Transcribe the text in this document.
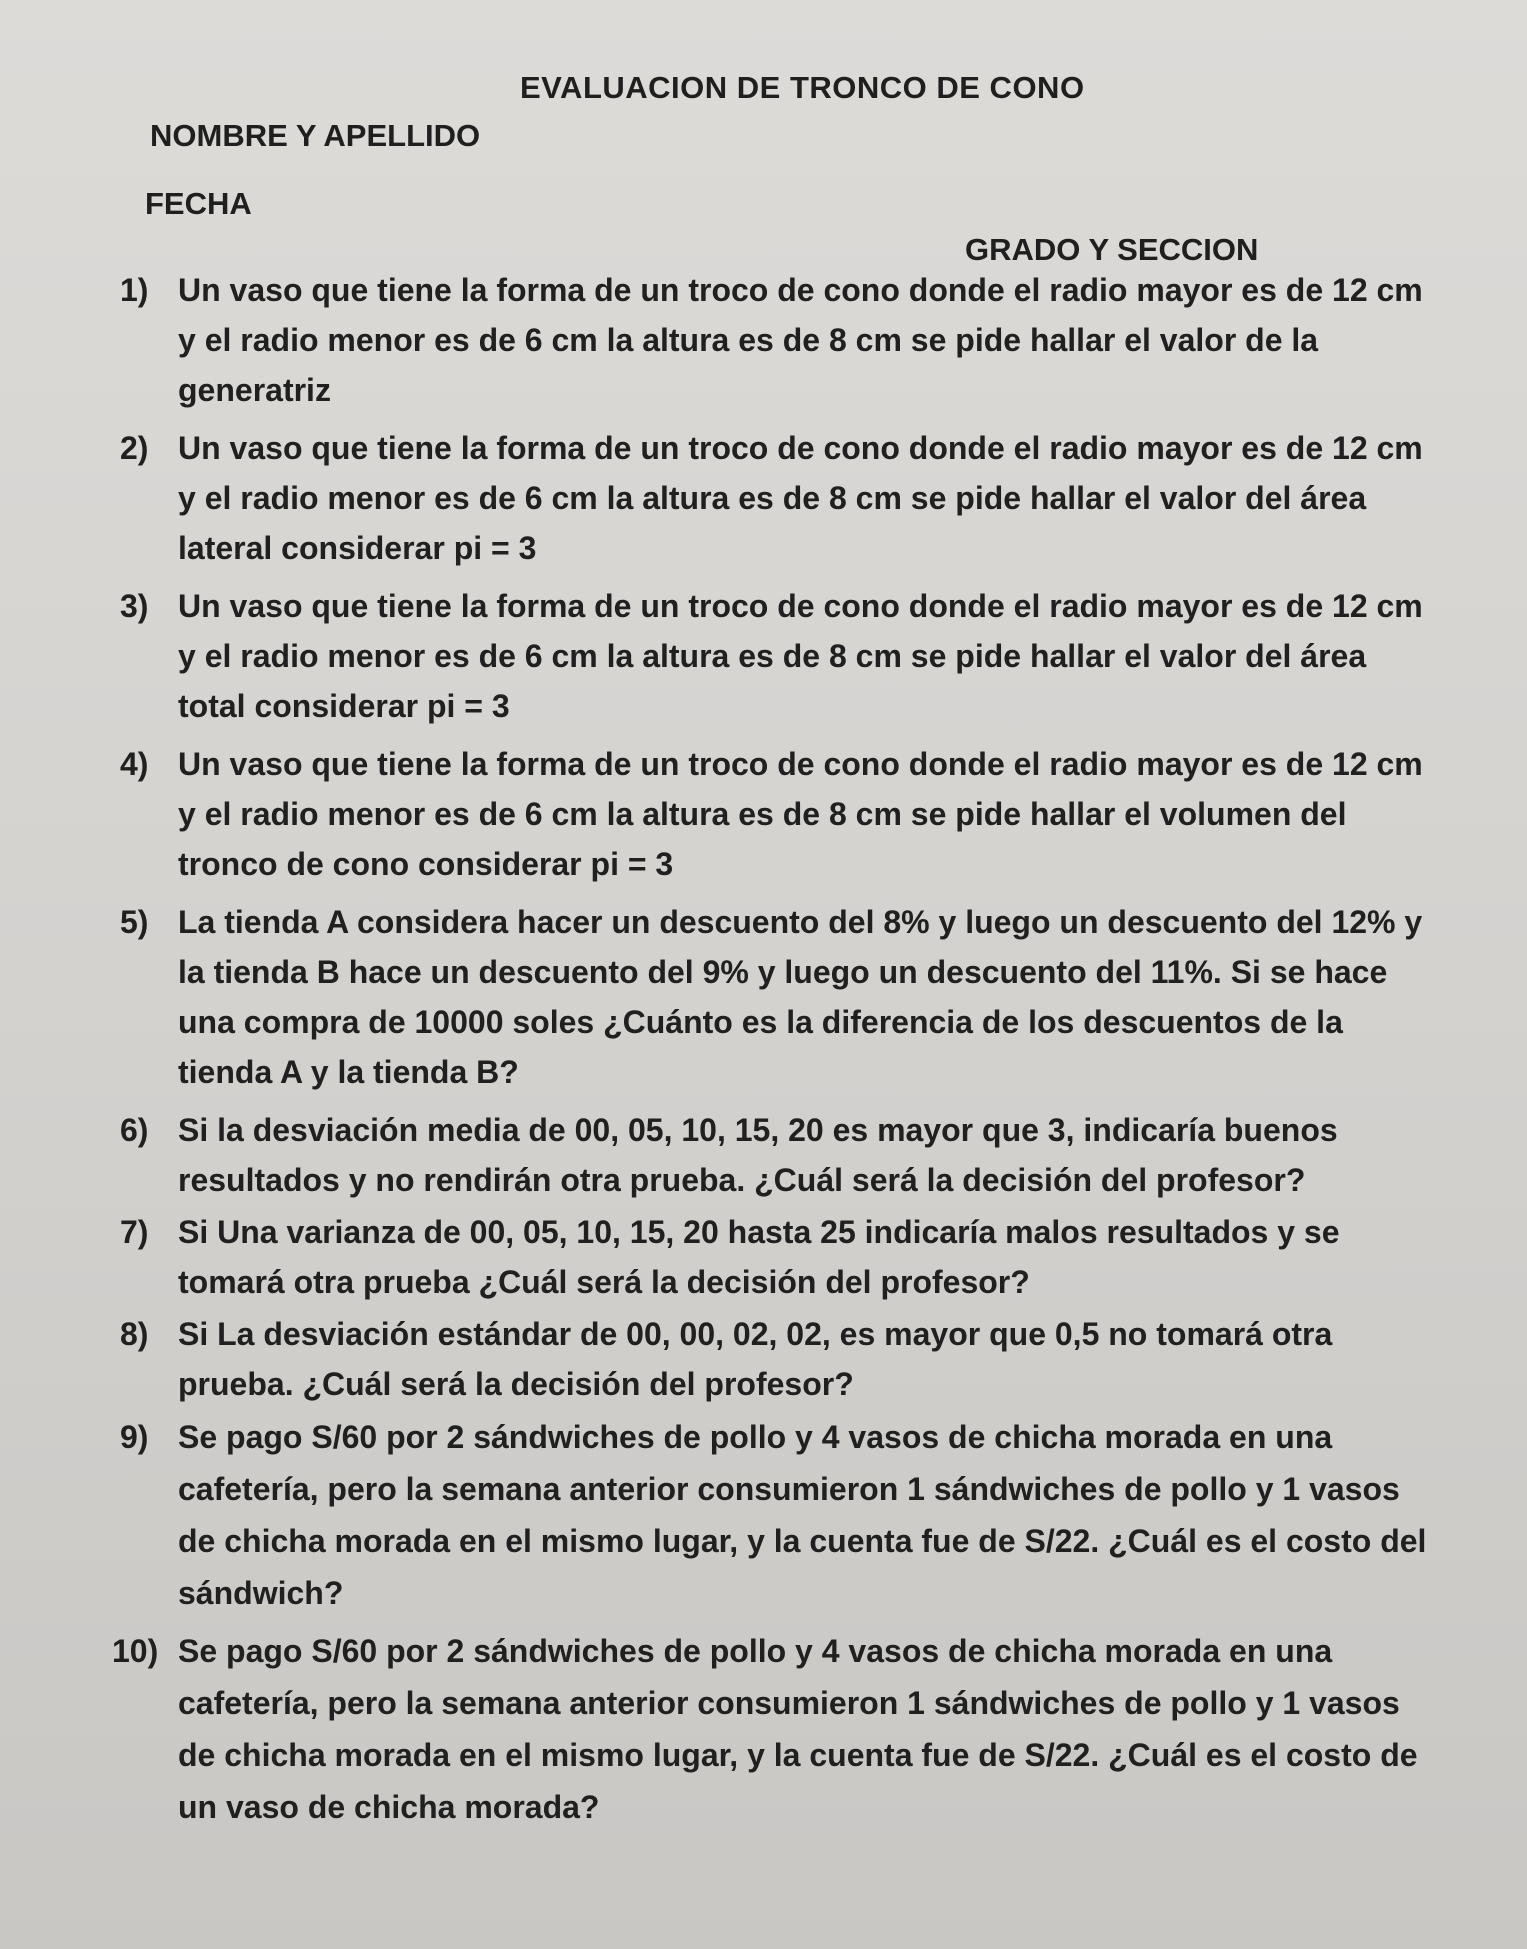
EVALUACION DE TRONCO DE CONO
NOMBRE Y APELLIDO
FECHA
GRADO Y SECCION
1) Un vaso que tiene la forma de un troco de cono donde el radio mayor es de 12 cm y el radio menor es de 6 cm la altura es de 8 cm se pide hallar el valor de la generatriz
2) Un vaso que tiene la forma de un troco de cono donde el radio mayor es de 12 cm y el radio menor es de 6 cm la altura es de 8 cm se pide hallar el valor del área lateral considerar pi = 3
3) Un vaso que tiene la forma de un troco de cono donde el radio mayor es de 12 cm y el radio menor es de 6 cm la altura es de 8 cm se pide hallar el valor del área total considerar pi = 3
4) Un vaso que tiene la forma de un troco de cono donde el radio mayor es de 12 cm y el radio menor es de 6 cm la altura es de 8 cm se pide hallar el volumen del tronco de cono considerar pi = 3
5) La tienda A considera hacer un descuento del 8% y luego un descuento del 12% y la tienda B hace un descuento del 9% y luego un descuento del 11%. Si se hace una compra de 10000 soles ¿Cuánto es la diferencia de los descuentos de la tienda A y la tienda B?
6) Si la desviación media de 00, 05, 10, 15, 20 es mayor que 3, indicaría buenos resultados y no rendirán otra prueba. ¿Cuál será la decisión del profesor?
7) Si Una varianza de 00, 05, 10, 15, 20 hasta 25 indicaría malos resultados y se tomará otra prueba ¿Cuál será la decisión del profesor?
8) Si La desviación estándar de 00, 00, 02, 02, es mayor que 0,5 no tomará otra prueba. ¿Cuál será la decisión del profesor?
9) Se pago S/60 por 2 sándwiches de pollo y 4 vasos de chicha morada en una cafetería, pero la semana anterior consumieron 1 sándwiches de pollo y 1 vasos de chicha morada en el mismo lugar, y la cuenta fue de S/22. ¿Cuál es el costo del sándwich?
10) Se pago S/60 por 2 sándwiches de pollo y 4 vasos de chicha morada en una cafetería, pero la semana anterior consumieron 1 sándwiches de pollo y 1 vasos de chicha morada en el mismo lugar, y la cuenta fue de S/22. ¿Cuál es el costo de un vaso de chicha morada?
